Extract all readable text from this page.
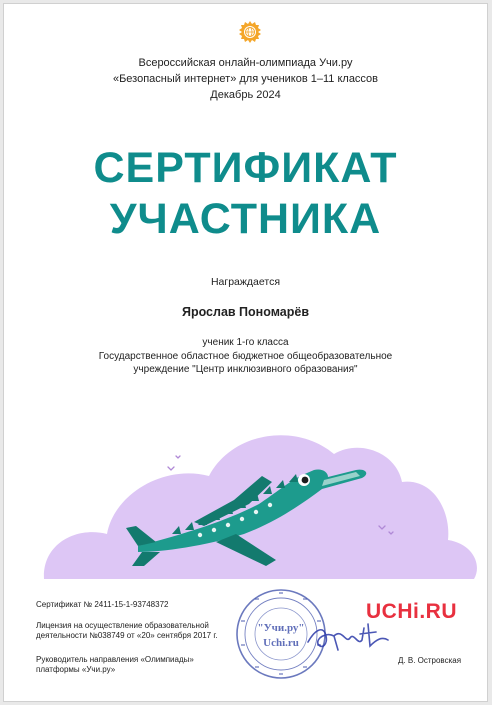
Всероссийская онлайн-олимпиада Учи.ру
«Безопасный интернет» для учеников 1–11 классов
Декабрь 2024
СЕРТИФИКАТ
УЧАСТНИКА
Награждается
Ярослав Пономарёв
ученик 1-го класса
Государственное областное бюджетное общеобразовательное
учреждение "Центр инклюзивного образования"
Сертификат № 2411-15-1-93748372
Лицензия на осуществление образовательной
деятельности №038749 от «20» сентября 2017 г.
Руководитель направления «Олимпиады»
платформы «Учи.ру»
"Учи.ру"
Uchi.ru
UCHi.RU
Д. В. Островская
